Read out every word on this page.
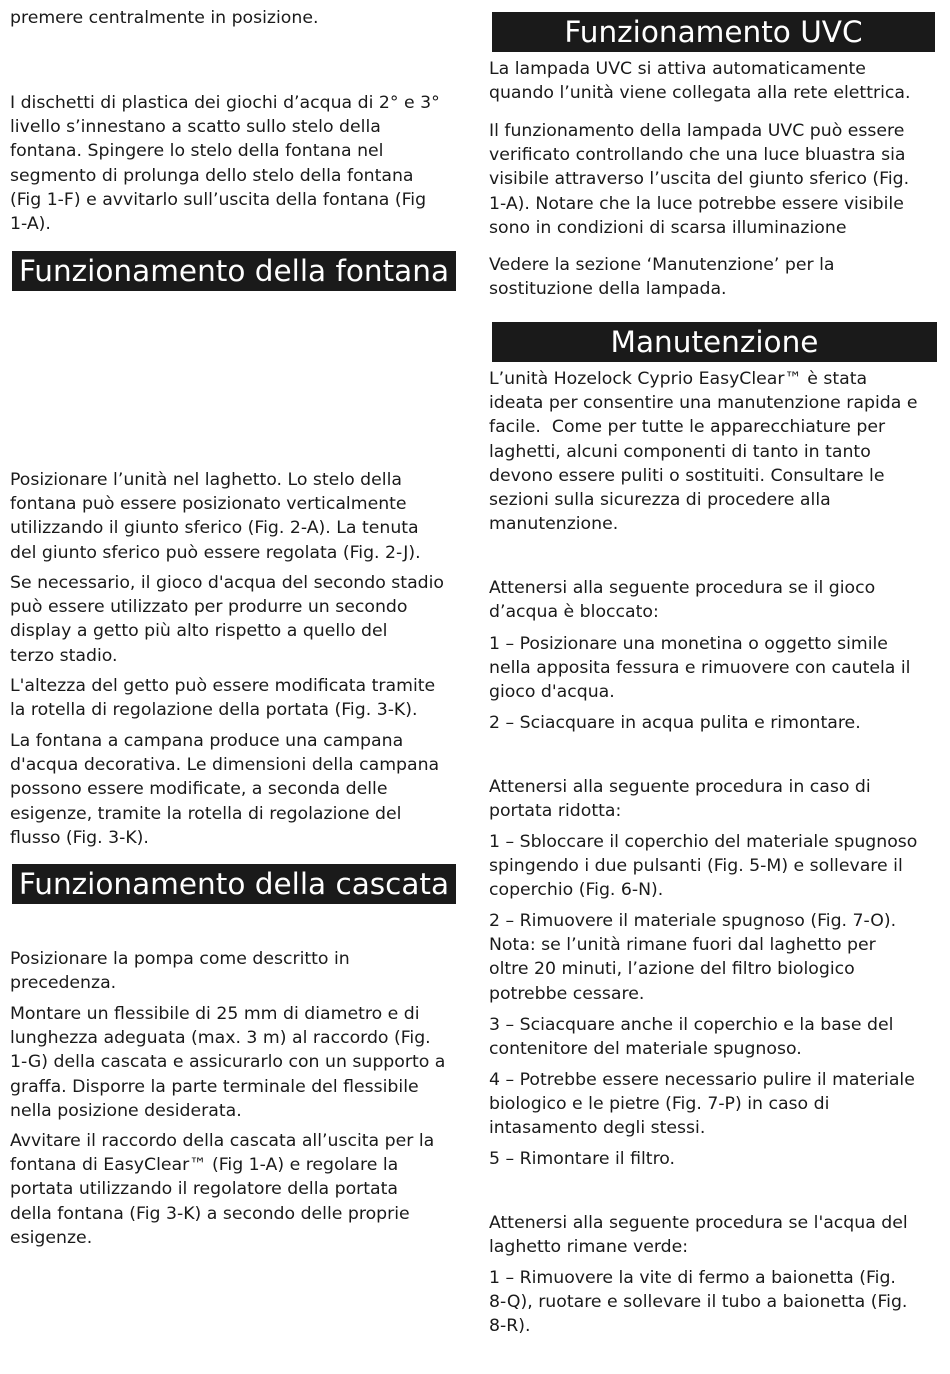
premere centralmente in posizione.

I dischetti di plastica dei giochi d’acqua di 2° e 3°
livello s’innestano a scatto sullo stelo della
fontana. Spingere lo stelo della fontana nel
segmento di prolunga dello stelo della fontana
(Fig 1-F) e avvitarlo sull’uscita della fontana (Fig
1-A).

Funzionamento della fontana

Posizionare l’unità nel laghetto. Lo stelo della
fontana può essere posizionato verticalmente
utilizzando il giunto sferico (Fig. 2-A). La tenuta
del giunto sferico può essere regolata (Fig. 2-J).

Se necessario, il gioco d'acqua del secondo stadio
può essere utilizzato per produrre un secondo
display a getto più alto rispetto a quello del
terzo stadio.

L'altezza del getto può essere modificata tramite
la rotella di regolazione della portata (Fig. 3-K).

La fontana a campana produce una campana
d'acqua decorativa. Le dimensioni della campana
possono essere modificate, a seconda delle
esigenze, tramite la rotella di regolazione del
flusso (Fig. 3-K).

Funzionamento della cascata

Posizionare la pompa come descritto in
precedenza.

Montare un flessibile di 25 mm di diametro e di
lunghezza adeguata (max. 3 m) al raccordo (Fig.
1-G) della cascata e assicurarlo con un supporto a
graffa. Disporre la parte terminale del flessibile
nella posizione desiderata.

Avvitare il raccordo della cascata all’uscita per la
fontana di EasyClear™ (Fig 1-A) e regolare la
portata utilizzando il regolatore della portata
della fontana (Fig 3-K) a secondo delle proprie
esigenze.

Funzionamento UVC

La lampada UVC si attiva automaticamente
quando l’unità viene collegata alla rete elettrica.

Il funzionamento della lampada UVC può essere
verificato controllando che una luce bluastra sia
visibile attraverso l’uscita del giunto sferico (Fig.
1-A). Notare che la luce potrebbe essere visibile
sono in condizioni di scarsa illuminazione

Vedere la sezione ‘Manutenzione’ per la
sostituzione della lampada.

Manutenzione

L’unità Hozelock Cyprio EasyClear™ è stata
ideata per consentire una manutenzione rapida e
facile.  Come per tutte le apparecchiature per
laghetti, alcuni componenti di tanto in tanto
devono essere puliti o sostituiti. Consultare le
sezioni sulla sicurezza di procedere alla
manutenzione.

Attenersi alla seguente procedura se il gioco
d’acqua è bloccato:

1 – Posizionare una monetina o oggetto simile
nella apposita fessura e rimuovere con cautela il
gioco d'acqua.

2 – Sciacquare in acqua pulita e rimontare.

Attenersi alla seguente procedura in caso di
portata ridotta:

1 – Sbloccare il coperchio del materiale spugnoso
spingendo i due pulsanti (Fig. 5-M) e sollevare il
coperchio (Fig. 6-N).

2 – Rimuovere il materiale spugnoso (Fig. 7-O).
Nota: se l’unità rimane fuori dal laghetto per
oltre 20 minuti, l’azione del filtro biologico
potrebbe cessare.

3 – Sciacquare anche il coperchio e la base del
contenitore del materiale spugnoso.

4 – Potrebbe essere necessario pulire il materiale
biologico e le pietre (Fig. 7-P) in caso di
intasamento degli stessi.

5 – Rimontare il filtro.

Attenersi alla seguente procedura se l'acqua del
laghetto rimane verde:

1 – Rimuovere la vite di fermo a baionetta (Fig.
8-Q), ruotare e sollevare il tubo a baionetta (Fig.
8-R).
